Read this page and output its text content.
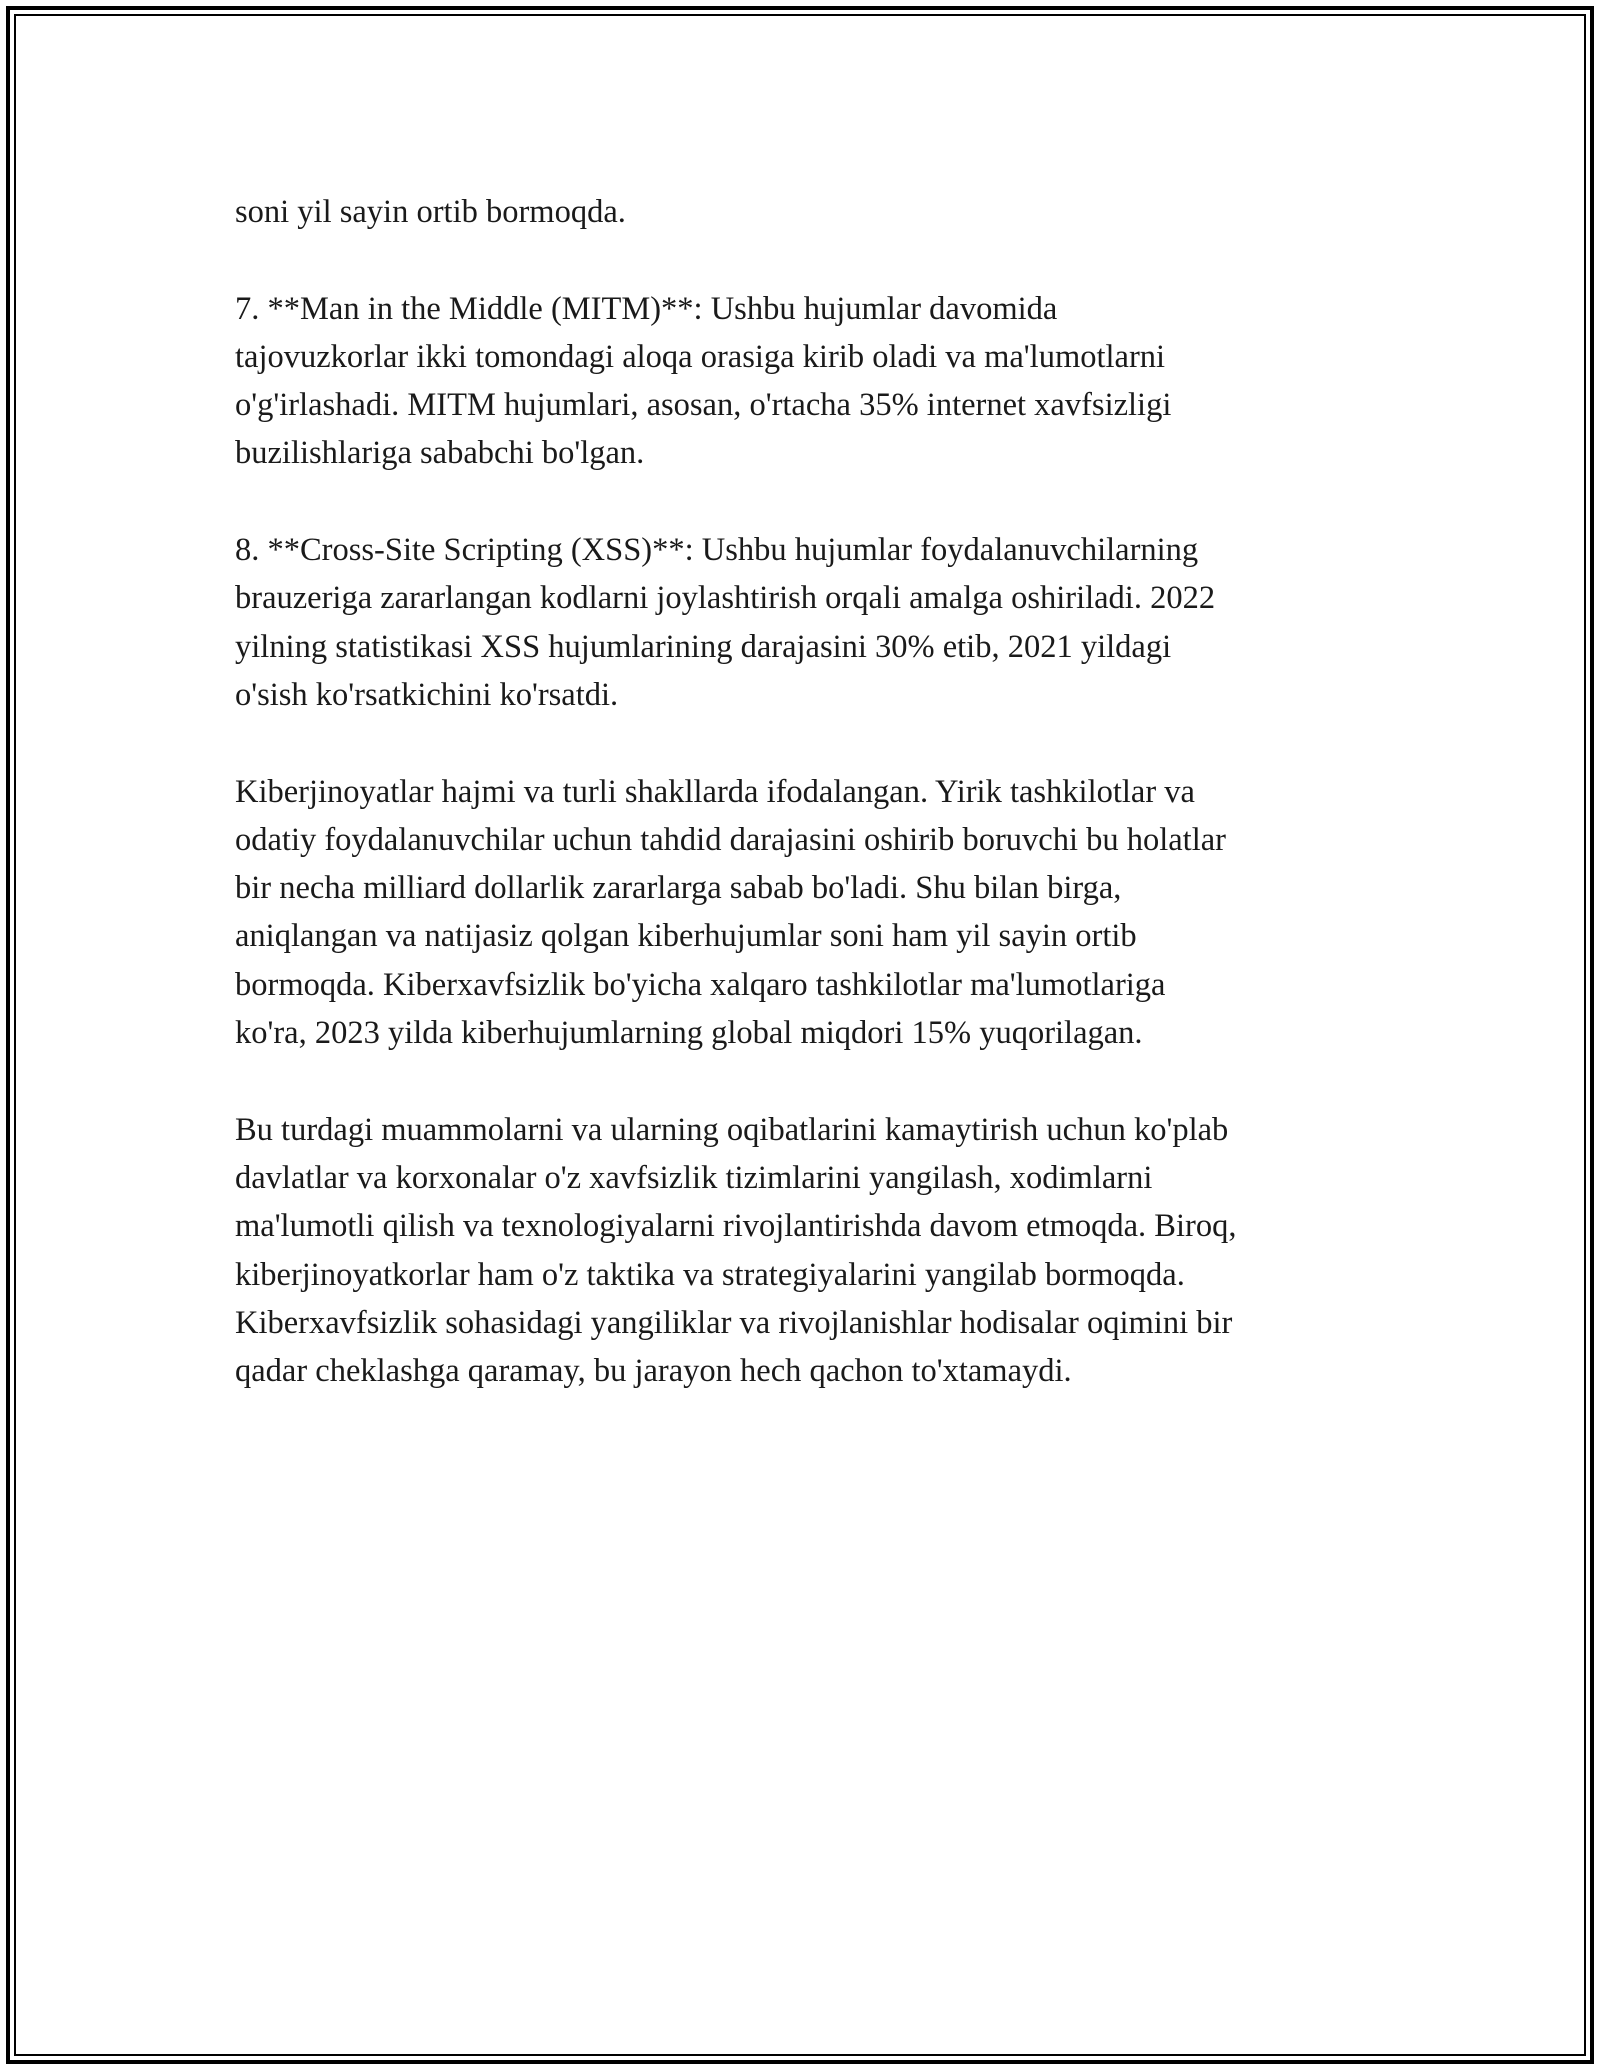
soni yil sayin ortib bormoqda.

7. **Man in the Middle (MITM)**: Ushbu hujumlar davomida
tajovuzkorlar ikki tomondagi aloqa orasiga kirib oladi va ma'lumotlarni
o'g'irlashadi. MITM hujumlari, asosan, o'rtacha 35% internet xavfsizligi
buzilishlariga sababchi bo'lgan.

8. **Cross-Site Scripting (XSS)**: Ushbu hujumlar foydalanuvchilarning
brauzeriga zararlangan kodlarni joylashtirish orqali amalga oshiriladi. 2022
yilning statistikasi XSS hujumlarining darajasini 30% etib, 2021 yildagi
o'sish ko'rsatkichini ko'rsatdi.

Kiberjinoyatlar hajmi va turli shakllarda ifodalangan. Yirik tashkilotlar va
odatiy foydalanuvchilar uchun tahdid darajasini oshirib boruvchi bu holatlar
bir necha milliard dollarlik zararlarga sabab bo'ladi. Shu bilan birga,
aniqlangan va natijasiz qolgan kiberhujumlar soni ham yil sayin ortib
bormoqda. Kiberxavfsizlik bo'yicha xalqaro tashkilotlar ma'lumotlariga
ko'ra, 2023 yilda kiberhujumlarning global miqdori 15% yuqorilagan.

Bu turdagi muammolarni va ularning oqibatlarini kamaytirish uchun ko'plab
davlatlar va korxonalar o'z xavfsizlik tizimlarini yangilash, xodimlarni
ma'lumotli qilish va texnologiyalarni rivojlantirishda davom etmoqda. Biroq,
kiberjinoyatkorlar ham o'z taktika va strategiyalarini yangilab bormoqda.
Kiberxavfsizlik sohasidagi yangiliklar va rivojlanishlar hodisalar oqimini bir
qadar cheklashga qaramay, bu jarayon hech qachon to'xtamaydi.
